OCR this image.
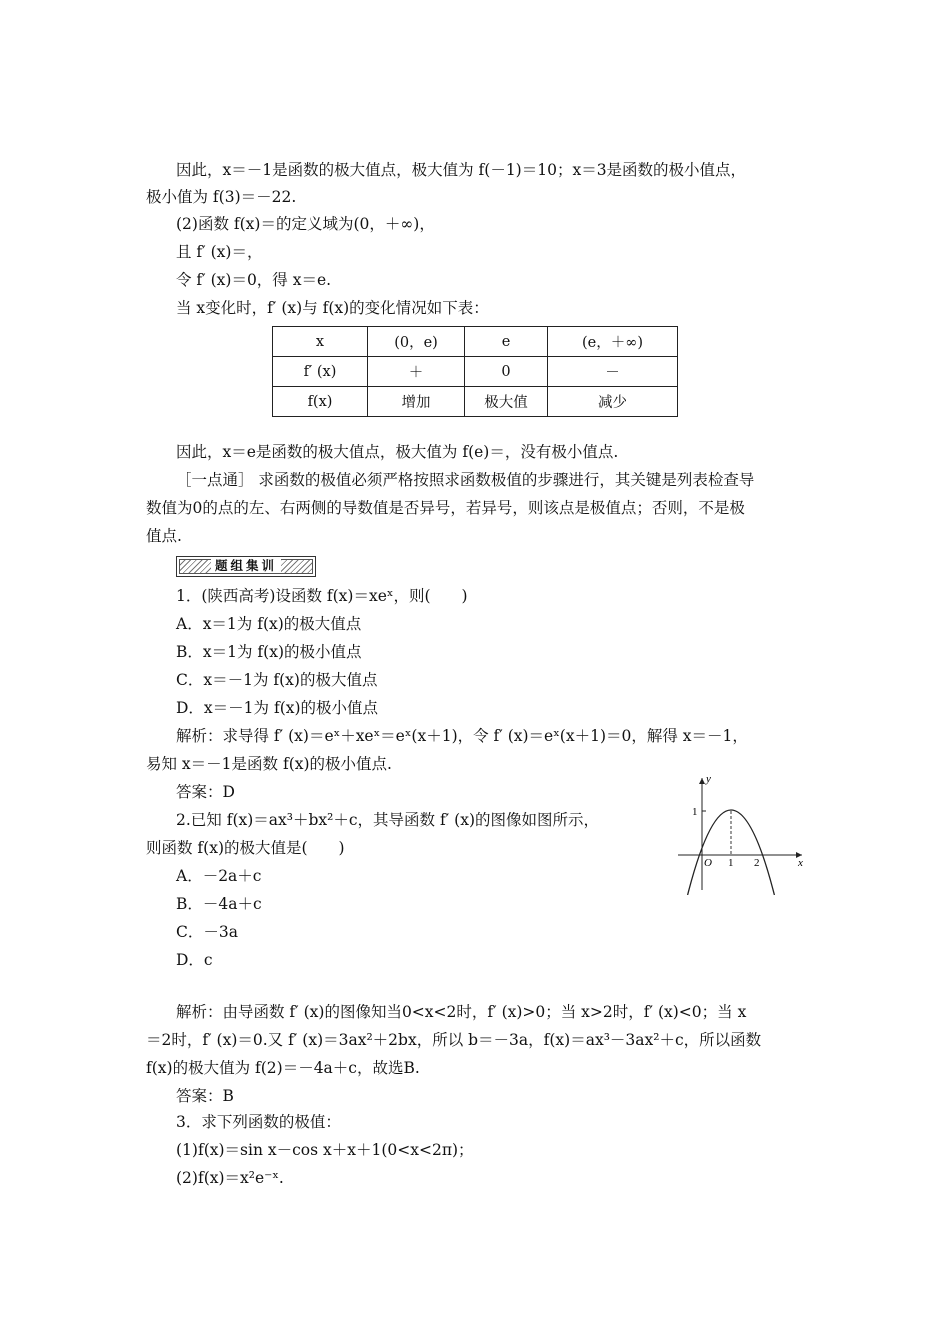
因此，x＝－1是函数的极大值点，极大值为 f(－1)＝10；x＝3是函数的极小值点，
极小值为 f(3)＝－22.
(2)函数 f(x)＝的定义域为(0，＋∞)，
且 f′ (x)＝，
令 f′ (x)＝0，得 x＝e.
当 x变化时，f′ (x)与 f(x)的变化情况如下表：
x	(0，e)	e	(e，＋∞)
f′ (x)	＋	0	－
f(x)	增加	极大值	减少
因此，x＝e是函数的极大值点，极大值为 f(e)＝，没有极小值点.
［一点通］ 求函数的极值必须严格按照求函数极值的步骤进行，其关键是列表检查导
数值为0的点的左、右两侧的导数值是否异号，若异号，则该点是极值点；否则，不是极
值点.
题组集训
1．(陕西高考)设函数 f(x)＝xeˣ，则(　　)
A．x＝1为 f(x)的极大值点
B．x＝1为 f(x)的极小值点
C．x＝－1为 f(x)的极大值点
D．x＝－1为 f(x)的极小值点
解析：求导得 f′ (x)＝eˣ＋xeˣ＝eˣ(x＋1)，令 f′ (x)＝eˣ(x＋1)＝0，解得 x＝－1，
易知 x＝－1是函数 f(x)的极小值点.
答案：D
2.已知 f(x)＝ax³＋bx²＋c，其导函数 f′ (x)的图像如图所示，
则函数 f(x)的极大值是(　　)
A．－2a＋c
B．－4a＋c
C．－3a
D．c
解析：由导函数 f′ (x)的图像知当0<x<2时，f′ (x)>0；当 x>2时，f′ (x)<0；当 x
＝2时，f′ (x)＝0.又 f′ (x)＝3ax²＋2bx，所以 b＝－3a，f(x)＝ax³－3ax²＋c，所以函数
f(x)的极大值为 f(2)＝－4a＋c，故选B.
答案：B
3．求下列函数的极值：
(1)f(x)＝sin x－cos x＋x＋1(0<x<2π)；
(2)f(x)＝x²e⁻ˣ.
y
x
1
O 1 2
